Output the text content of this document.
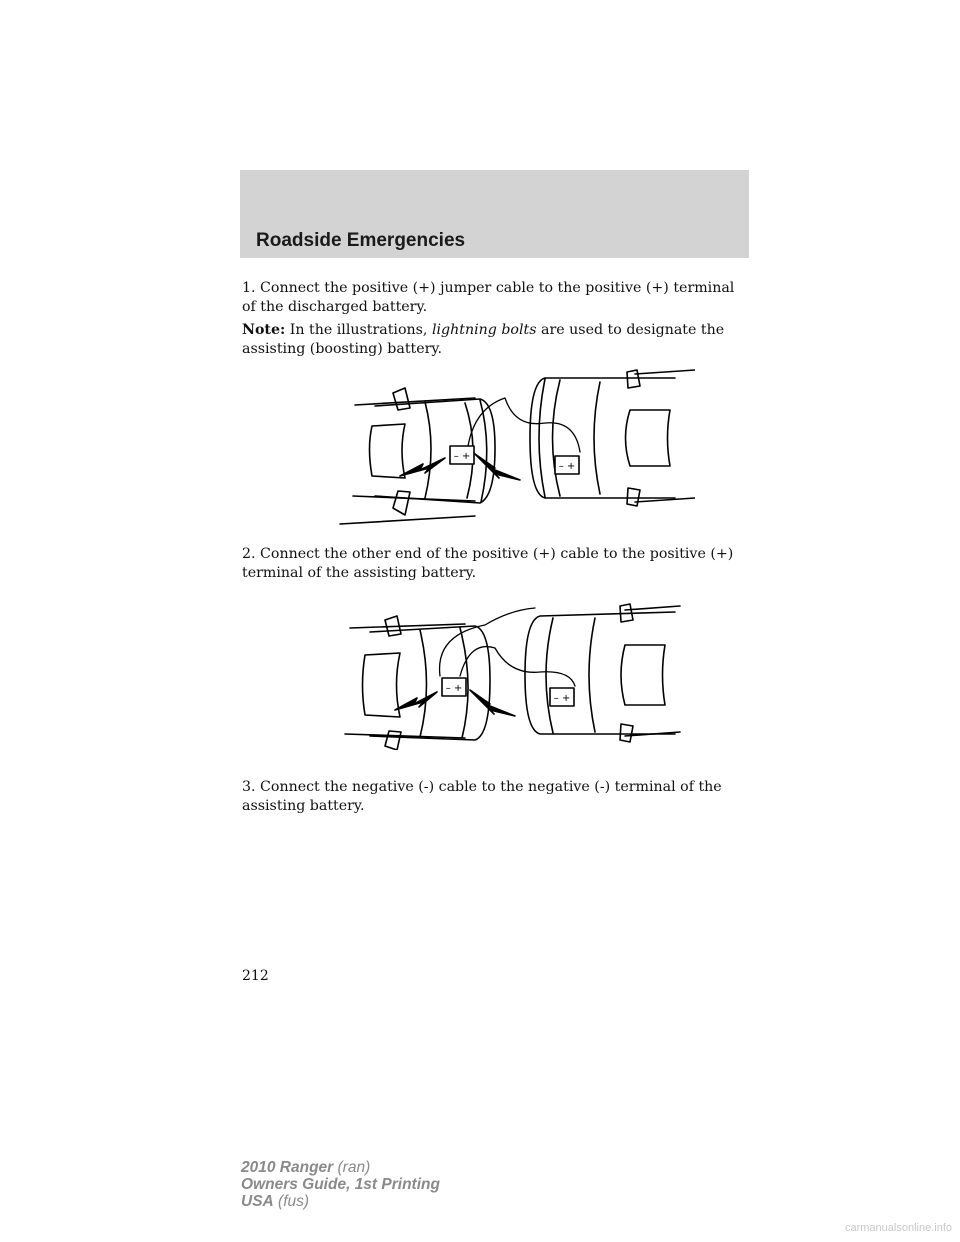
Roadside Emergencies

1. Connect the positive (+) jumper cable to the positive (+) terminal of the discharged battery.

Note: In the illustrations, lightning bolts are used to designate the assisting (boosting) battery.

– +
– +

2. Connect the other end of the positive (+) cable to the positive (+) terminal of the assisting battery.

– +
– +

3. Connect the negative (-) cable to the negative (-) terminal of the assisting battery.

212
2010 Ranger (ran)
Owners Guide, 1st Printing
USA (fus)
carmanualsonline.info
